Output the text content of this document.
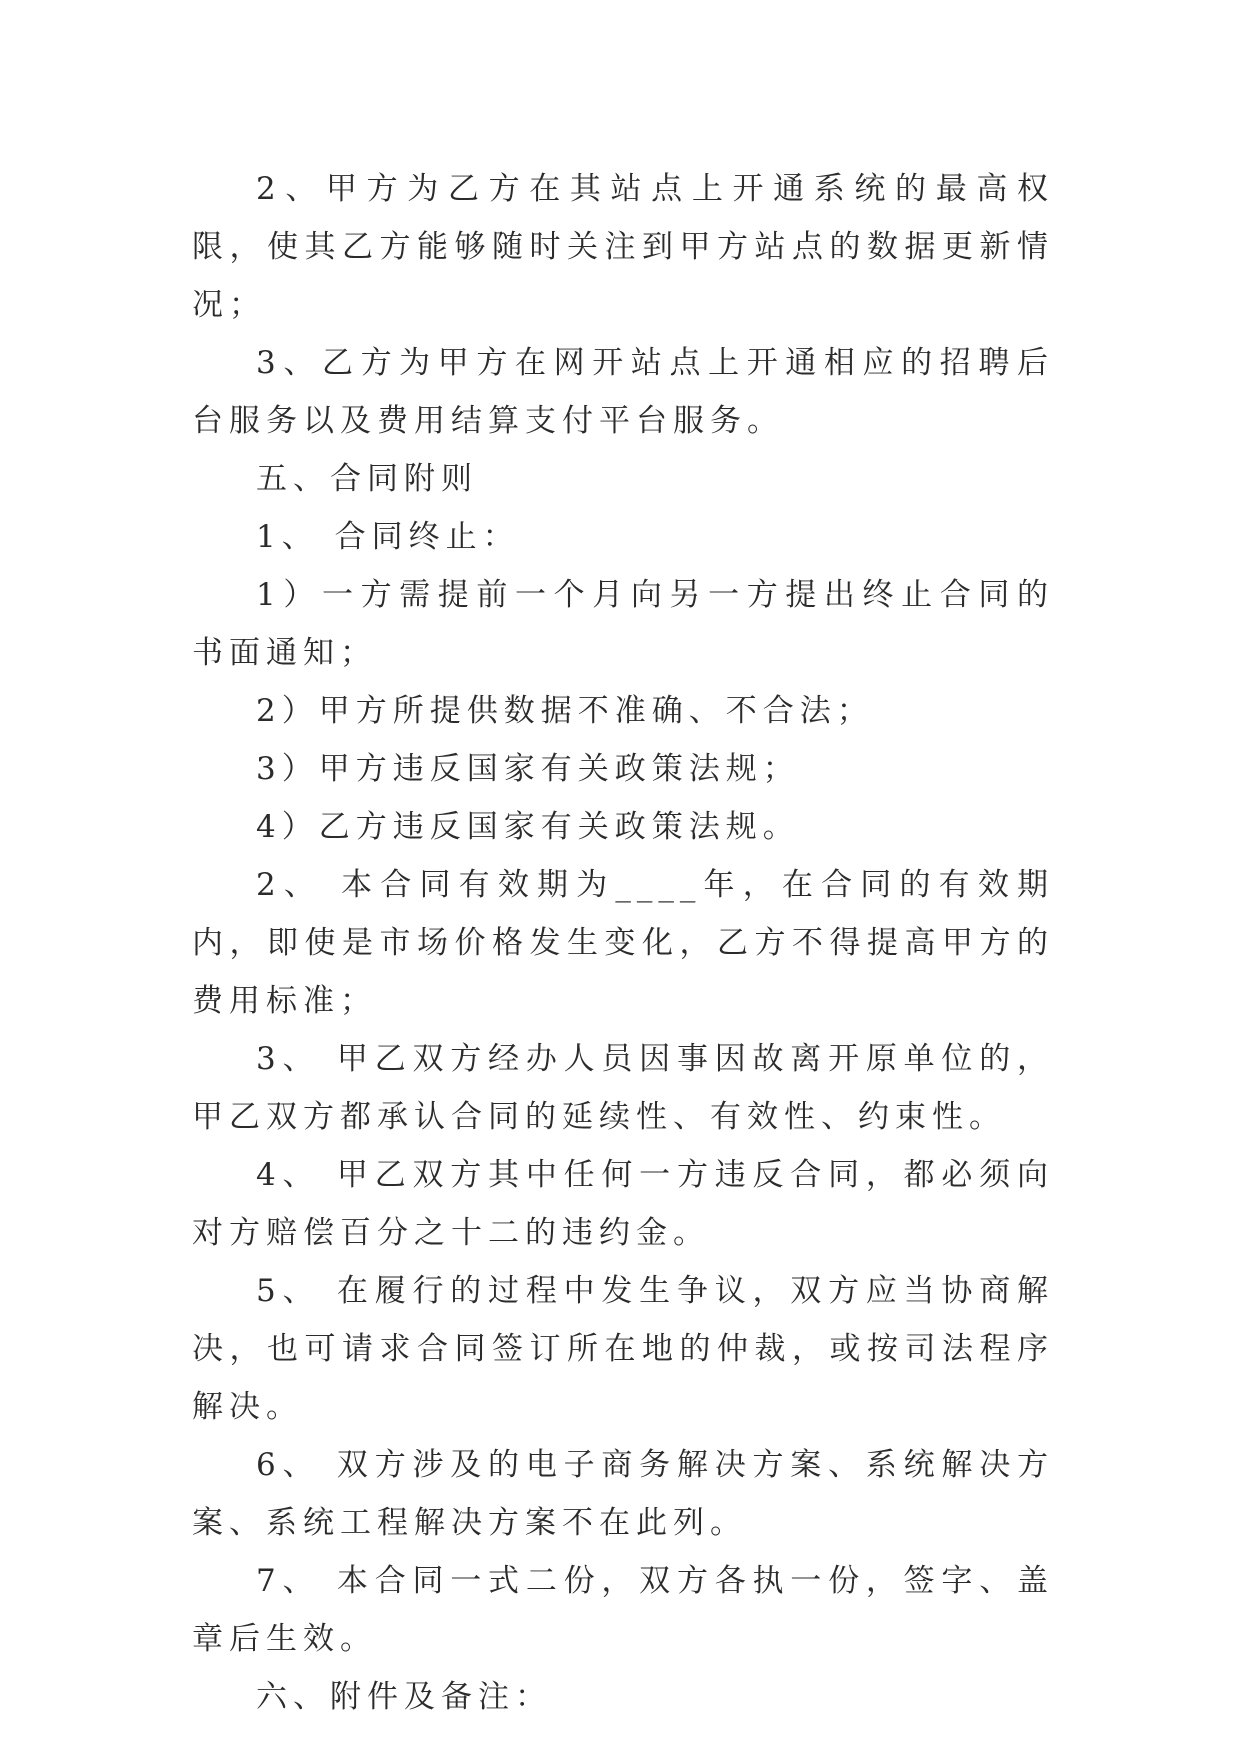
2、甲方为乙方在其站点上开通系统的最高权限，使其乙方能够随时关注到甲方站点的数据更新情况；

3、乙方为甲方在网开站点上开通相应的招聘后台服务以及费用结算支付平台服务。

五、合同附则

1、 合同终止：

1）一方需提前一个月向另一方提出终止合同的书面通知；

2）甲方所提供数据不准确、不合法；

3）甲方违反国家有关政策法规；

4）乙方违反国家有关政策法规。

2、 本合同有效期为____年，在合同的有效期内，即使是市场价格发生变化，乙方不得提高甲方的费用标准；

3、 甲乙双方经办人员因事因故离开原单位的，甲乙双方都承认合同的延续性、有效性、约束性。

4、 甲乙双方其中任何一方违反合同，都必须向对方赔偿百分之十二的违约金。

5、 在履行的过程中发生争议，双方应当协商解决，也可请求合同签订所在地的仲裁，或按司法程序解决。

6、 双方涉及的电子商务解决方案、系统解决方案、系统工程解决方案不在此列。

7、 本合同一式二份，双方各执一份，签字、盖章后生效。

六、附件及备注：
